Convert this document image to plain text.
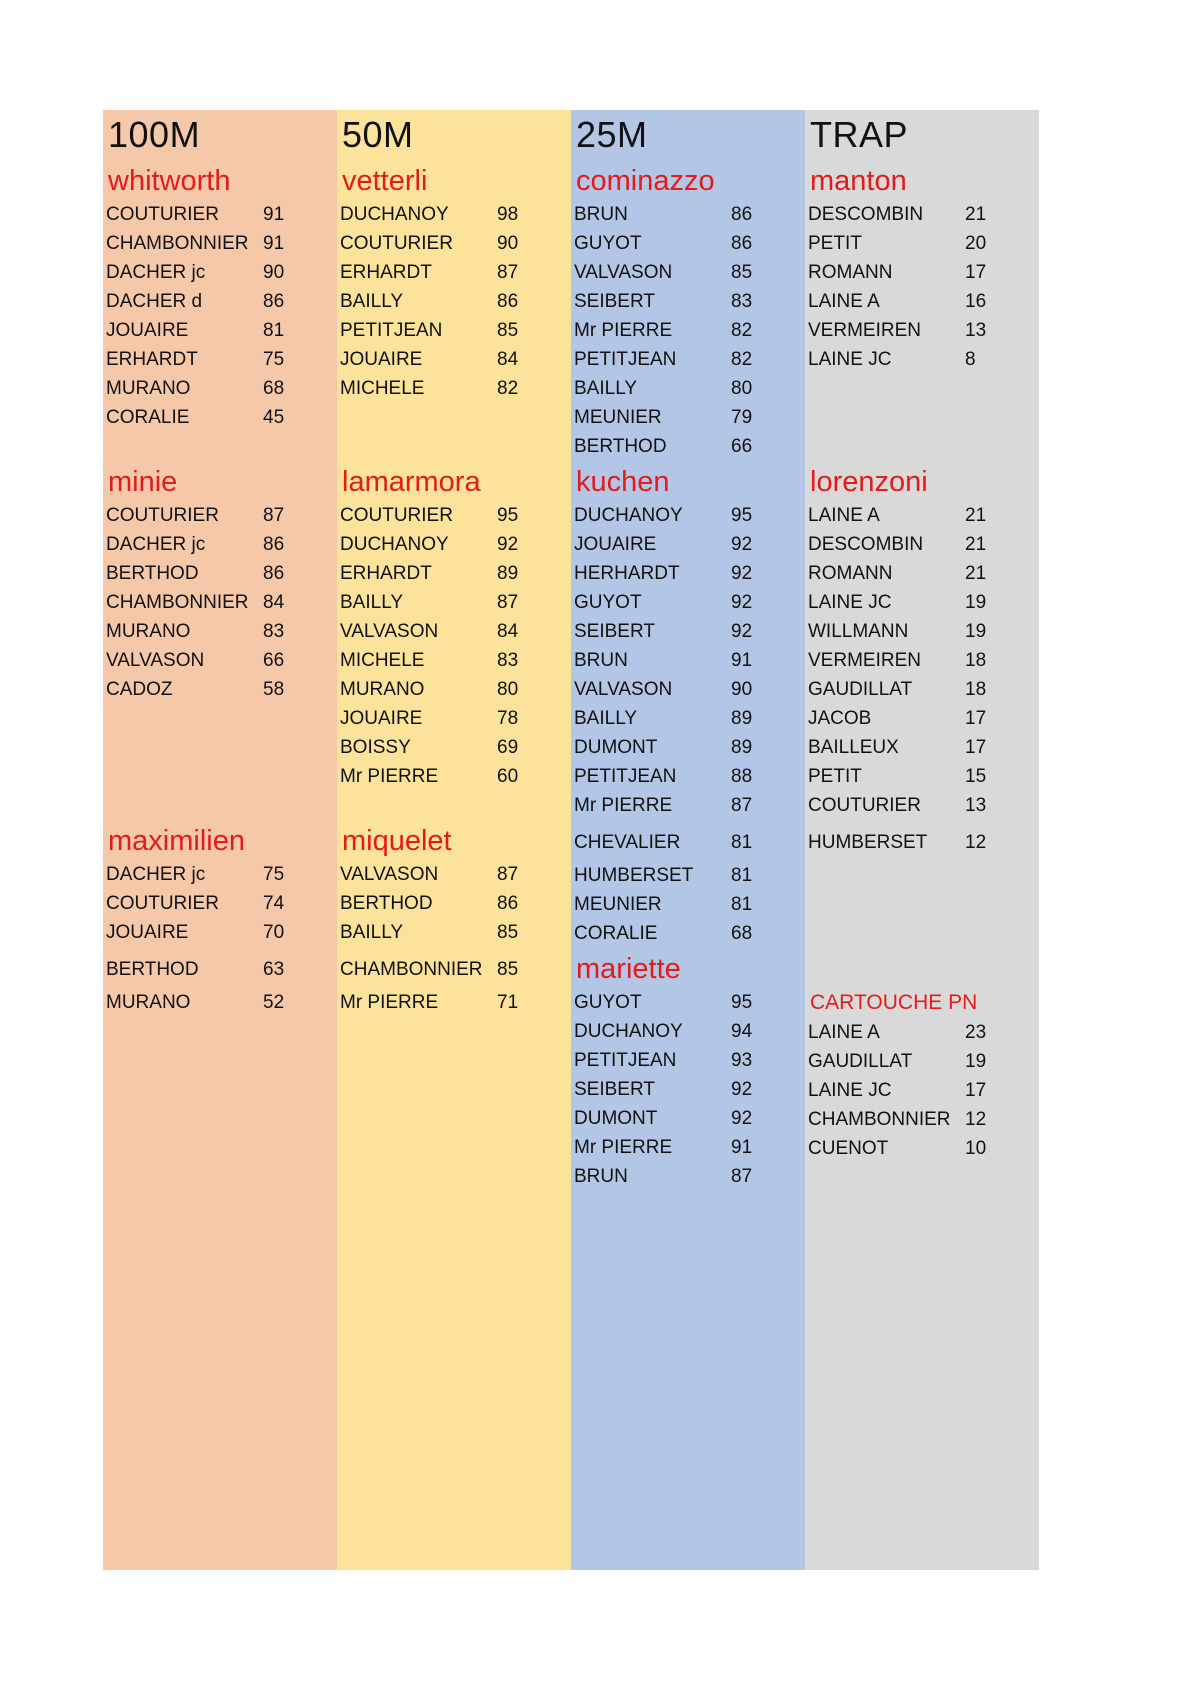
100M
whitworth
COUTURIER 91
CHAMBONNIER 91
DACHER jc	90
DACHER d	86
JOUAIRE	81
ERHARDT	75
MURANO	68
CORALIE	45
minie
COUTURIER 87
DACHER jc	86
BERTHOD	86
CHAMBONNIER 84
MURANO	83
VALVASON	66
CADOZ	58
maximilien
DACHER jc	75
COUTURIER 74
JOUAIRE	70
BERTHOD	63
MURANO	52
50M
vetterli
DUCHANOY	98
COUTURIER 90
ERHARDT	87
BAILLY	86
PETITJEAN	85
JOUAIRE	84
MICHELE	82
lamarmora
COUTURIER 95
DUCHANOY	92
ERHARDT	89
BAILLY	87
VALVASON	84
MICHELE	83
MURANO	80
JOUAIRE	78
BOISSY	69
Mr PIERRE	60
miquelet
VALVASON	87
BERTHOD	86
BAILLY	85
CHAMBONNIER 85
Mr PIERRE	71
25M
cominazzo
BRUN	86
GUYOT	86
VALVASON	85
SEIBERT	83
Mr PIERRE	82
PETITJEAN	82
BAILLY	80
MEUNIER	79
BERTHOD	66
kuchen
DUCHANOY	95
JOUAIRE	92
HERHARDT	92
GUYOT	92
SEIBERT	92
BRUN	91
VALVASON	90
BAILLY	89
DUMONT	89
PETITJEAN	88
Mr PIERRE	87
CHEVALIER	81
HUMBERSET 81
MEUNIER	81
CORALIE	68
mariette
GUYOT	95
DUCHANOY	94
PETITJEAN	93
SEIBERT	92
DUMONT	92
Mr PIERRE	91
BRUN	87
TRAP
manton
DESCOMBIN 21
PETIT	20
ROMANN	17
LAINE A	16
VERMEIREN 13
LAINE JC	8
lorenzoni
LAINE A	21
DESCOMBIN 21
ROMANN	21
LAINE JC	19
WILLMANN	19
VERMEIREN 18
GAUDILLAT	18
JACOB	17
BAILLEUX	17
PETIT	15
COUTURIER 13
HUMBERSET 12
CARTOUCHE PN
LAINE A	23
GAUDILLAT	19
LAINE JC	17
CHAMBONNIER 12
CUENOT	10
